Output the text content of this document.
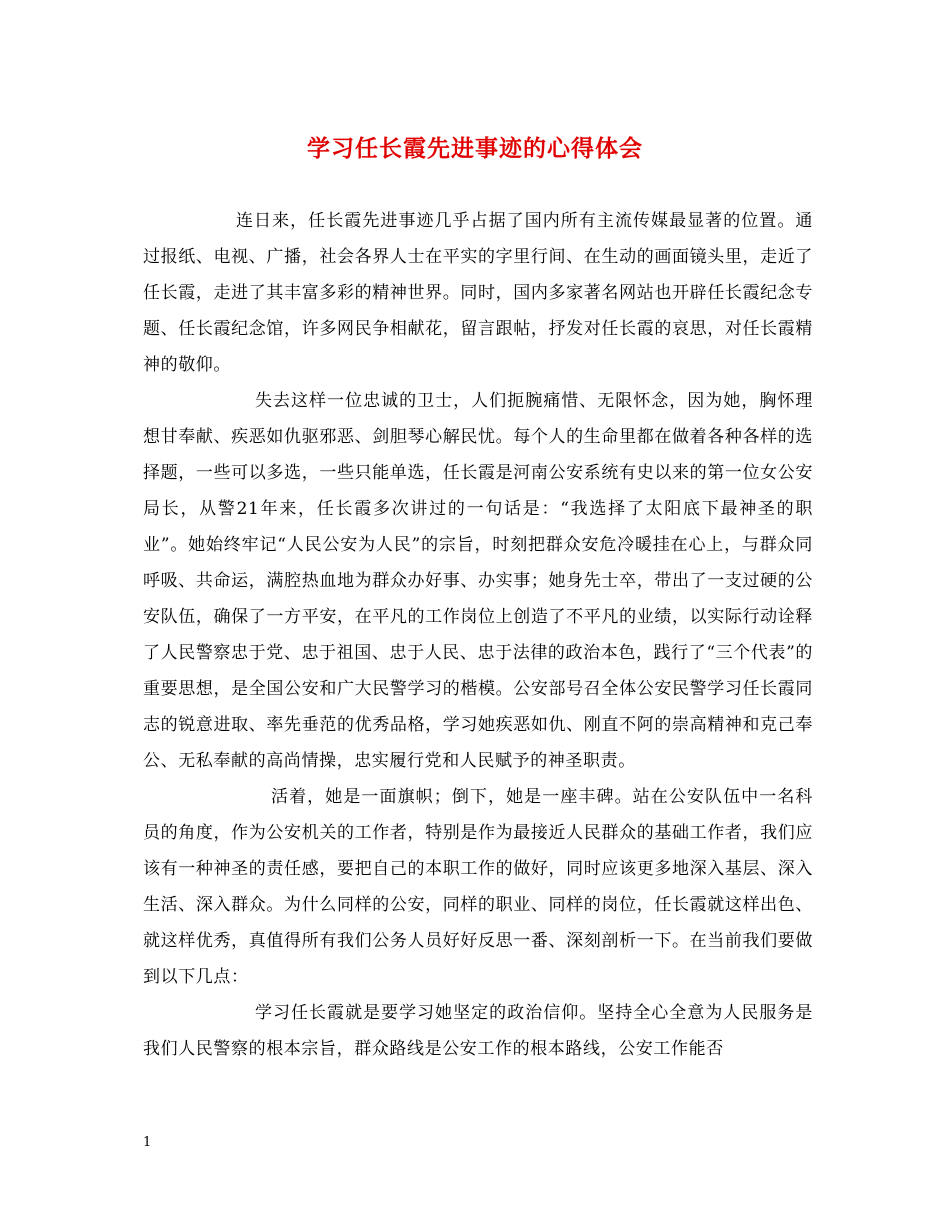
学习任长霞先进事迹的心得体会

连日来，任长霞先进事迹几乎占据了国内所有主流传媒最显著的位置。通过报纸、电视、广播，社会各界人士在平实的字里行间、在生动的画面镜头里，走近了任长霞，走进了其丰富多彩的精神世界。同时，国内多家著名网站也开辟任长霞纪念专题、任长霞纪念馆，许多网民争相献花，留言跟帖，抒发对任长霞的哀思，对任长霞精神的敬仰。

失去这样一位忠诚的卫士，人们扼腕痛惜、无限怀念，因为她，胸怀理想甘奉献、疾恶如仇驱邪恶、剑胆琴心解民忧。每个人的生命里都在做着各种各样的选择题，一些可以多选，一些只能单选，任长霞是河南公安系统有史以来的第一位女公安局长，从警21年来，任长霞多次讲过的一句话是：“我选择了太阳底下最神圣的职业”。她始终牢记“人民公安为人民”的宗旨，时刻把群众安危冷暖挂在心上，与群众同呼吸、共命运，满腔热血地为群众办好事、办实事；她身先士卒，带出了一支过硬的公安队伍，确保了一方平安，在平凡的工作岗位上创造了不平凡的业绩，以实际行动诠释了人民警察忠于党、忠于祖国、忠于人民、忠于法律的政治本色，践行了“三个代表”的重要思想，是全国公安和广大民警学习的楷模。公安部号召全体公安民警学习任长霞同志的锐意进取、率先垂范的优秀品格，学习她疾恶如仇、刚直不阿的崇高精神和克己奉公、无私奉献的高尚情操，忠实履行党和人民赋予的神圣职责。

活着，她是一面旗帜；倒下，她是一座丰碑。站在公安队伍中一名科员的角度，作为公安机关的工作者，特别是作为最接近人民群众的基础工作者，我们应该有一种神圣的责任感，要把自己的本职工作的做好，同时应该更多地深入基层、深入生活、深入群众。为什么同样的公安，同样的职业、同样的岗位，任长霞就这样出色、就这样优秀，真值得所有我们公务人员好好反思一番、深刻剖析一下。在当前我们要做到以下几点：

学习任长霞就是要学习她坚定的政治信仰。坚持全心全意为人民服务是我们人民警察的根本宗旨，群众路线是公安工作的根本路线，公安工作能否

1
